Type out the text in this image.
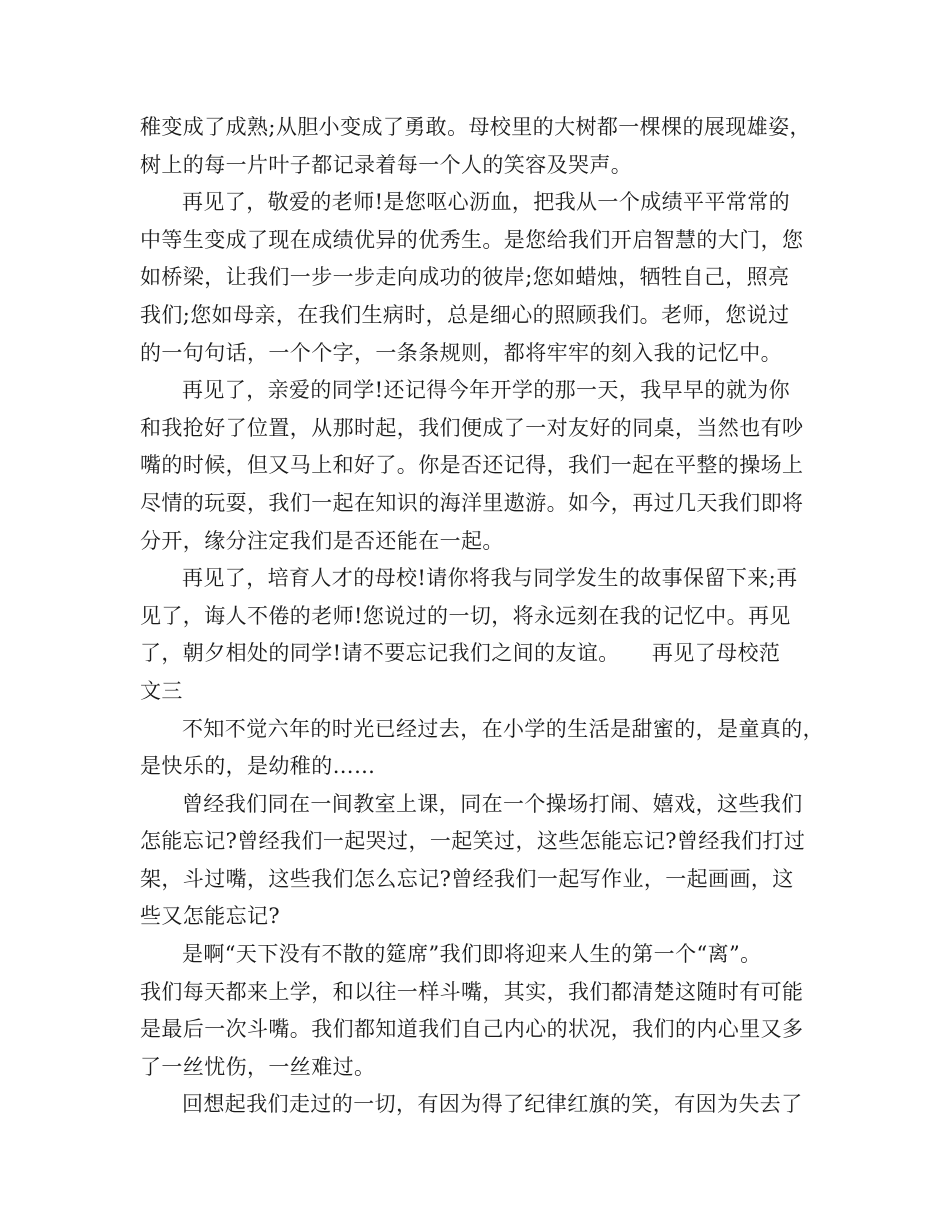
稚变成了成熟;从胆小变成了勇敢。母校里的大树都一棵棵的展现雄姿，
树上的每一片叶子都记录着每一个人的笑容及哭声。
再见了，敬爱的老师!是您呕心沥血，把我从一个成绩平平常常的
中等生变成了现在成绩优异的优秀生。是您给我们开启智慧的大门，您
如桥梁，让我们一步一步走向成功的彼岸;您如蜡烛，牺牲自己，照亮
我们;您如母亲，在我们生病时，总是细心的照顾我们。老师，您说过
的一句句话，一个个字，一条条规则，都将牢牢的刻入我的记忆中。
再见了，亲爱的同学!还记得今年开学的那一天，我早早的就为你
和我抢好了位置，从那时起，我们便成了一对友好的同桌，当然也有吵
嘴的时候，但又马上和好了。你是否还记得，我们一起在平整的操场上
尽情的玩耍，我们一起在知识的海洋里遨游。如今，再过几天我们即将
分开，缘分注定我们是否还能在一起。
再见了，培育人才的母校!请你将我与同学发生的故事保留下来;再
见了，诲人不倦的老师!您说过的一切，将永远刻在我的记忆中。再见
了，朝夕相处的同学!请不要忘记我们之间的友谊。　　再见了母校范
文三
不知不觉六年的时光已经过去，在小学的生活是甜蜜的，是童真的，
是快乐的，是幼稚的……
曾经我们同在一间教室上课，同在一个操场打闹、嬉戏，这些我们
怎能忘记?曾经我们一起哭过，一起笑过，这些怎能忘记?曾经我们打过
架，斗过嘴，这些我们怎么忘记?曾经我们一起写作业，一起画画，这
些又怎能忘记?
是啊“天下没有不散的筵席”我们即将迎来人生的第一个“离”。
我们每天都来上学，和以往一样斗嘴，其实，我们都清楚这随时有可能
是最后一次斗嘴。我们都知道我们自己内心的状况，我们的内心里又多
了一丝忧伤，一丝难过。
回想起我们走过的一切，有因为得了纪律红旗的笑，有因为失去了
